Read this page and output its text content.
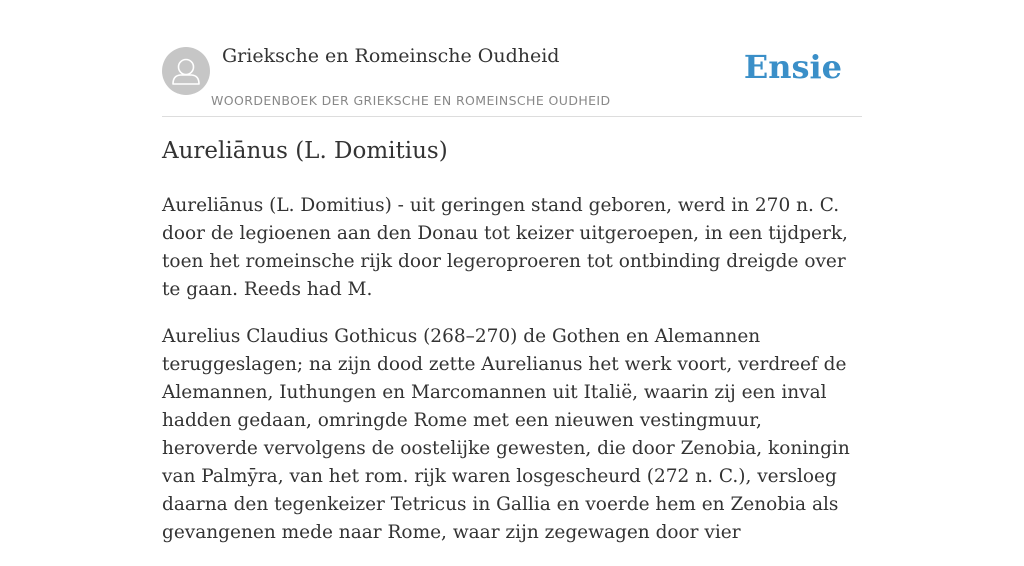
Grieksche en Romeinsche Oudheid
WOORDENBOEK DER GRIEKSCHE EN ROMEINSCHE OUDHEID
Ensie
Aureliānus (L. Domitius)

Aureliānus (L. Domitius) - uit geringen stand geboren, werd in 270 n. C. door de legioenen aan den Donau tot keizer uitgeroepen, in een tijdperk, toen het romeinsche rijk door legeroproeren tot ontbinding dreigde over te gaan. Reeds had M.

Aurelius Claudius Gothicus (268–270) de Gothen en Alemannen teruggeslagen; na zijn dood zette Aurelianus het werk voort, verdreef de Alemannen, Iuthungen en Marcomannen uit Italië, waarin zij een inval hadden gedaan, omringde Rome met een nieuwen vestingmuur, heroverde vervolgens de oostelijke gewesten, die door Zenobia, koningin van Palmȳra, van het rom. rijk waren losgescheurd (272 n. C.), versloeg daarna den tegenkeizer Tetricus in Gallia en voerde hem en Zenobia als gevangenen mede naar Rome, waar zijn zegewagen door vier
